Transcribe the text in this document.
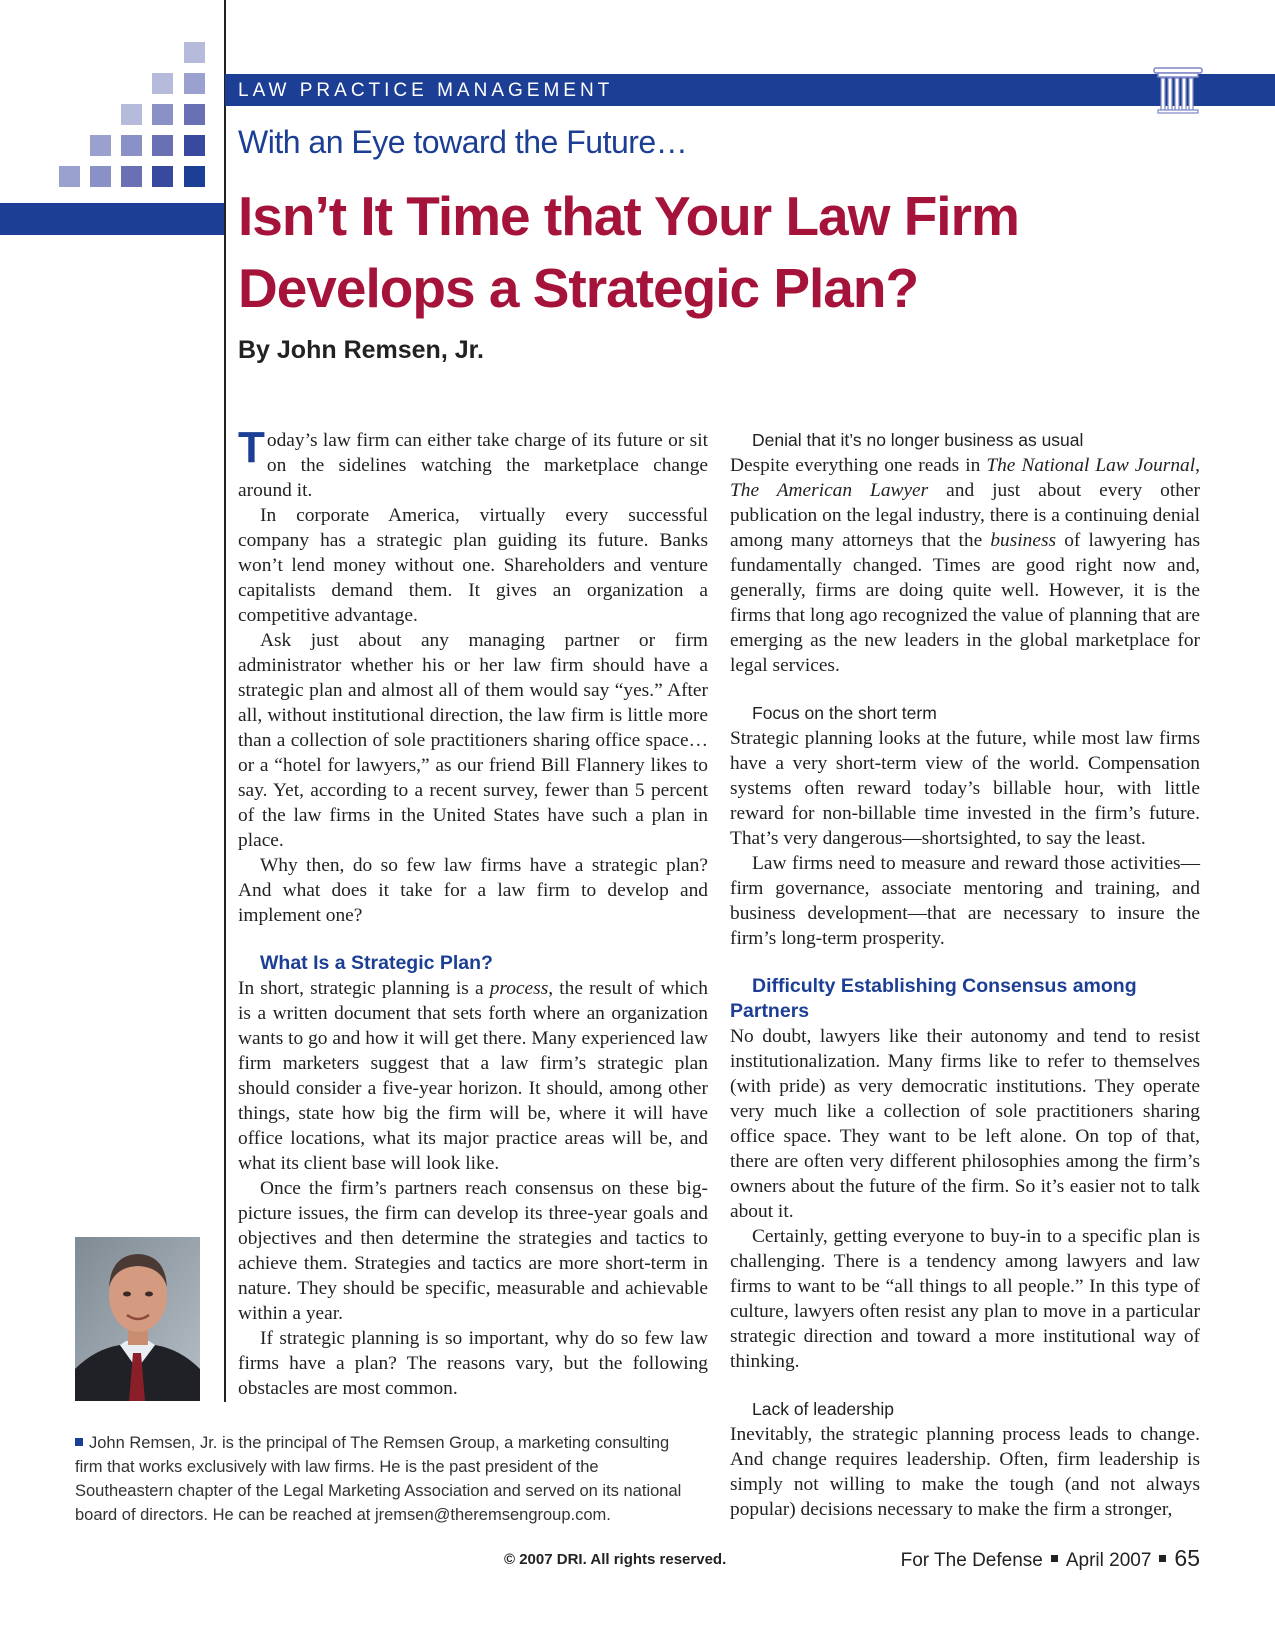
LAW PRACTICE MANAGEMENT
With an Eye toward the Future…
Isn’t It Time that Your Law Firm
Develops a Strategic Plan?
By John Remsen, Jr.

Today’s law firm can either take charge of its future or sit on the sidelines watching the marketplace change around it.

In corporate America, virtually every successful company has a strategic plan guiding its future. Banks won’t lend money without one. Shareholders and venture capitalists demand them. It gives an organization a competitive advantage.

Ask just about any managing partner or firm administrator whether his or her law firm should have a strategic plan and almost all of them would say “yes.” After all, without institutional direction, the law firm is little more than a collection of sole practitioners sharing office space…or a “hotel for lawyers,” as our friend Bill Flannery likes to say. Yet, according to a recent survey, fewer than 5 percent of the law firms in the United States have such a plan in place.

Why then, do so few law firms have a strategic plan? And what does it take for a law firm to develop and implement one?

What Is a Strategic Plan?

In short, strategic planning is a process, the result of which is a written document that sets forth where an organization wants to go and how it will get there. Many experienced law firm marketers suggest that a law firm’s strategic plan should consider a five-year horizon. It should, among other things, state how big the firm will be, where it will have office locations, what its major practice areas will be, and what its client base will look like.

Once the firm’s partners reach consensus on these big-picture issues, the firm can develop its three-year goals and objectives and then determine the strategies and tactics to achieve them. Strategies and tactics are more short-term in nature. They should be specific, measurable and achievable within a year.

If strategic planning is so important, why do so few law firms have a plan? The reasons vary, but the following obstacles are most common.

Denial that it’s no longer business as usual

Despite everything one reads in The National Law Journal, The American Lawyer and just about every other publication on the legal industry, there is a continuing denial among many attorneys that the business of lawyering has fundamentally changed. Times are good right now and, generally, firms are doing quite well. However, it is the firms that long ago recognized the value of planning that are emerging as the new leaders in the global marketplace for legal services.

Focus on the short term

Strategic planning looks at the future, while most law firms have a very short-term view of the world. Compensation systems often reward today’s billable hour, with little reward for non-billable time invested in the firm’s future. That’s very dangerous—shortsighted, to say the least.

Law firms need to measure and reward those activities—firm governance, associate mentoring and training, and business development—that are necessary to insure the firm’s long-term prosperity.

Difficulty Establishing Consensus among Partners

No doubt, lawyers like their autonomy and tend to resist institutionalization. Many firms like to refer to themselves (with pride) as very democratic institutions. They operate very much like a collection of sole practitioners sharing office space. They want to be left alone. On top of that, there are often very different philosophies among the firm’s owners about the future of the firm. So it’s easier not to talk about it.

Certainly, getting everyone to buy-in to a specific plan is challenging. There is a tendency among lawyers and law firms to want to be “all things to all people.” In this type of culture, lawyers often resist any plan to move in a particular strategic direction and toward a more institutional way of thinking.

Lack of leadership

Inevitably, the strategic planning process leads to change. And change requires leadership. Often, firm leadership is simply not willing to make the tough (and not always popular) decisions necessary to make the firm a stronger,

John Remsen, Jr. is the principal of The Remsen Group, a marketing consulting firm that works exclusively with law firms. He is the past president of the Southeastern chapter of the Legal Marketing Association and served on its national board of directors. He can be reached at jremsen@theremsengroup.com.
© 2007 DRI. All rights reserved.	For The Defense April 2007 65
